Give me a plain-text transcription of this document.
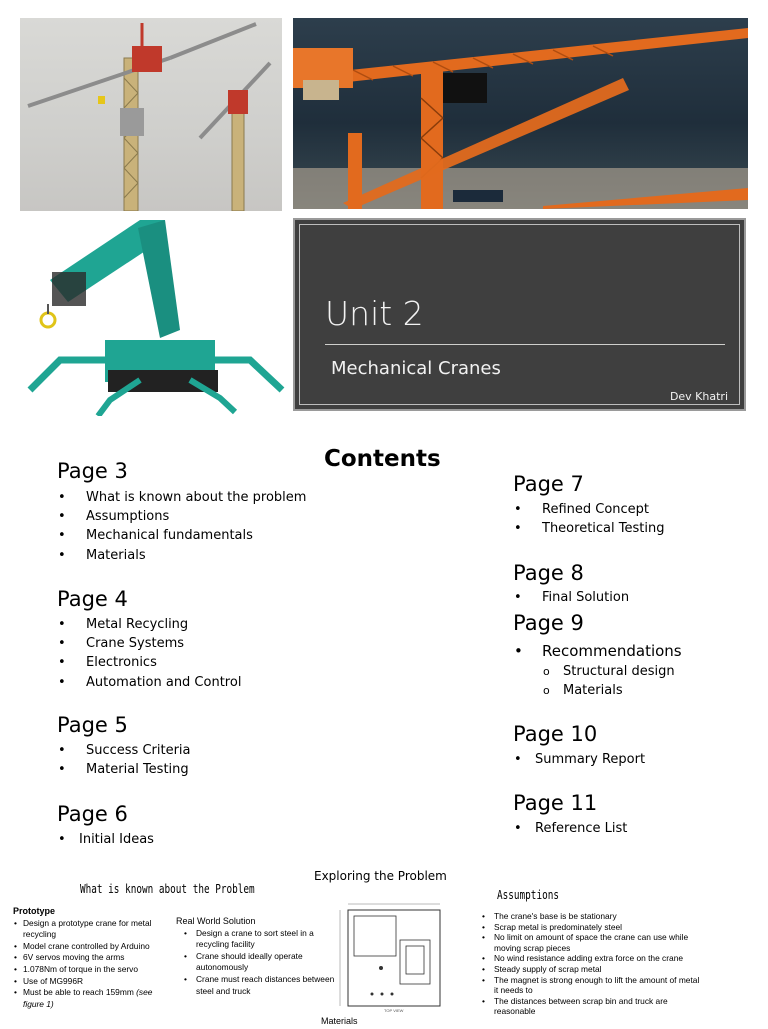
Unit 2
Mechanical Cranes
Dev Khatri
Contents
Page 3
• What is known about the problem
• Assumptions
• Mechanical fundamentals
• Materials
Page 4
• Metal Recycling
• Crane Systems
• Electronics
• Automation and Control
Page 5
• Success Criteria
• Material Testing
Page 6
• Initial Ideas
Page 7
• Refined Concept
• Theoretical Testing
Page 8
• Final Solution
Page 9
• Recommendations
o Structural design
o Materials
Page 10
• Summary Report
Page 11
• Reference List
Exploring the Problem
What is known about the Problem
Prototype
• Design a prototype crane for metal recycling
• Model crane controlled by Arduino
• 6V servos moving the arms
• 1.078Nm of torque in the servo
• Use of MG996R
• Must be able to reach 159mm (see figure 1)
Real World Solution
• Design a crane to sort steel in a recycling facility
• Crane should ideally operate autonomously
• Crane must reach distances between steel and truck
TOP VIEW
Materials
Assumptions
• The crane's base is be stationary
• Scrap metal is predominately steel
• No limit on amount of space the crane can use while moving scrap pieces
• No wind resistance adding extra force on the crane
• Steady supply of scrap metal
• The magnet is strong enough to lift the amount of metal it needs to
• The distances between scrap bin and truck are reasonable
